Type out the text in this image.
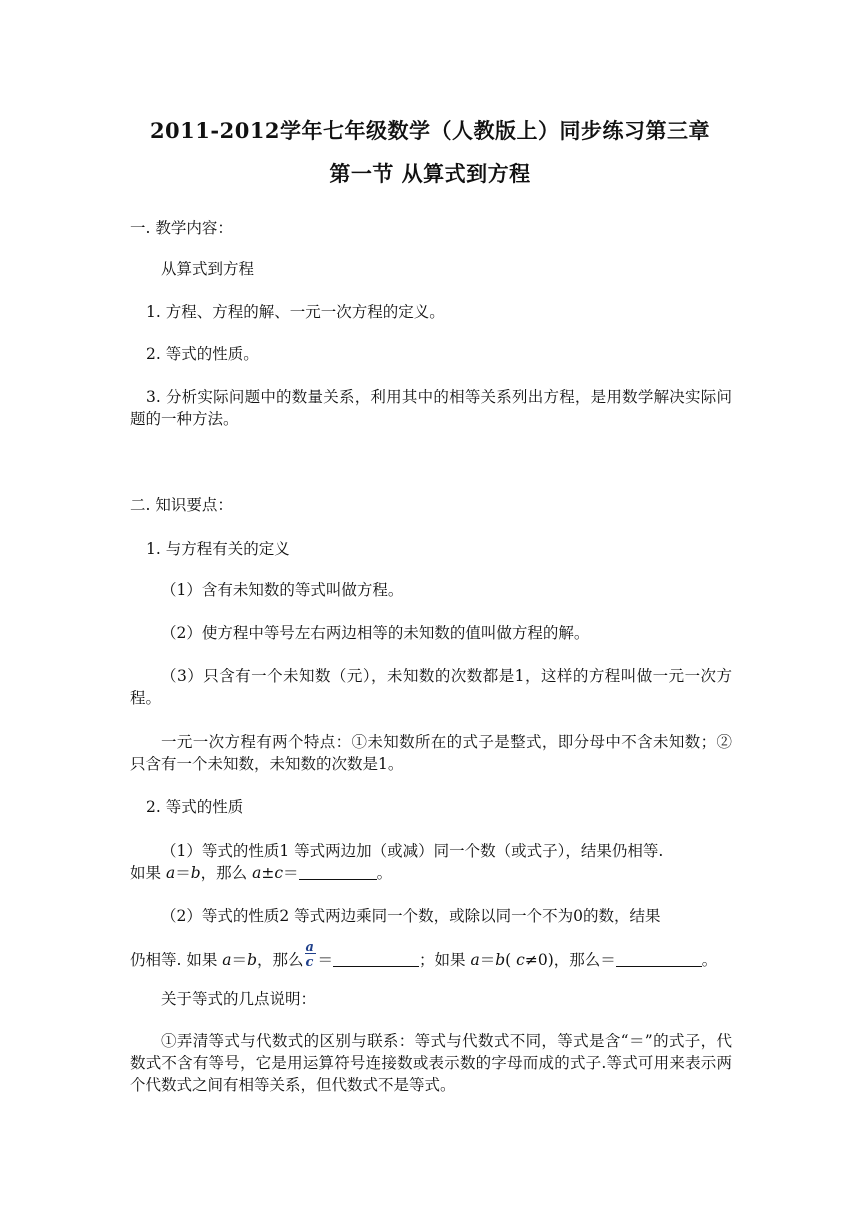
2011-2012学年七年级数学（人教版上）同步练习第三章
第一节 从算式到方程
一. 教学内容：
从算式到方程
1. 方程、方程的解、一元一次方程的定义。
2. 等式的性质。
3. 分析实际问题中的数量关系，利用其中的相等关系列出方程，是用数学解决实际问题的一种方法。
二. 知识要点：
1. 与方程有关的定义
（1）含有未知数的等式叫做方程。
（2）使方程中等号左右两边相等的未知数的值叫做方程的解。
（3）只含有一个未知数（元），未知数的次数都是1，这样的方程叫做一元一次方程。
一元一次方程有两个特点：①未知数所在的式子是整式，即分母中不含未知数；②只含有一个未知数，未知数的次数是1。
2. 等式的性质
（1）等式的性质1 等式两边加（或减）同一个数（或式子），结果仍相等.
如果 a＝b，那么 a±c＝	。
（2）等式的性质2 等式两边乘同一个数，或除以同一个不为0的数，结果
仍相等. 如果 a＝b，那么
a
c ＝	；如果 a＝b( c≠0)，那么＝	。
关于等式的几点说明：
①弄清等式与代数式的区别与联系：等式与代数式不同，等式是含“＝”的式子，代数式不含有等号，它是用运算符号连接数或表示数的字母而成的式子.等式可用来表示两个代数式之间有相等关系，但代数式不是等式。
